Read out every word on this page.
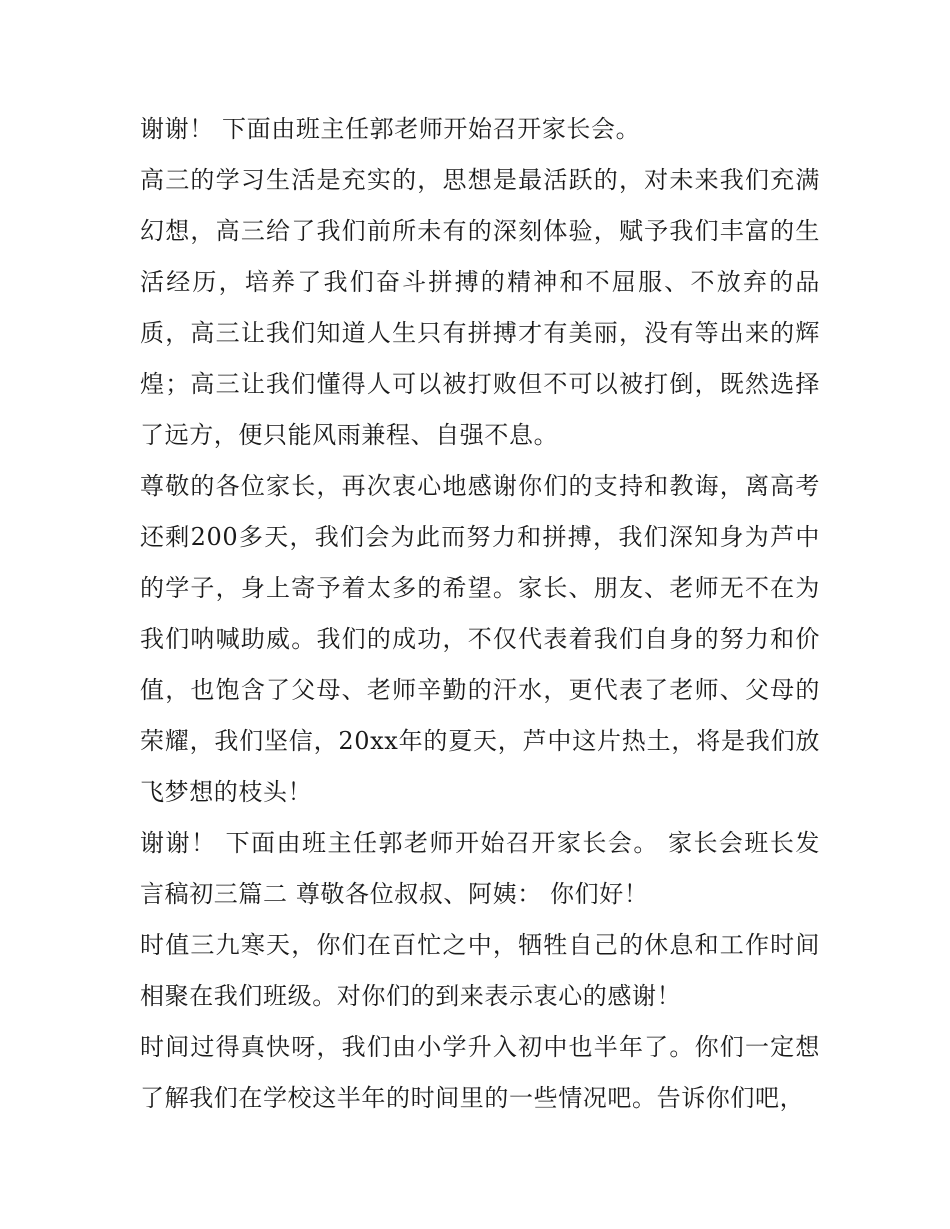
谢谢！ 下面由班主任郭老师开始召开家长会。

高三的学习生活是充实的，思想是最活跃的，对未来我们充满幻想，高三给了我们前所未有的深刻体验，赋予我们丰富的生活经历，培养了我们奋斗拼搏的精神和不屈服、不放弃的品质，高三让我们知道人生只有拼搏才有美丽，没有等出来的辉煌；高三让我们懂得人可以被打败但不可以被打倒，既然选择了远方，便只能风雨兼程、自强不息。

尊敬的各位家长，再次衷心地感谢你们的支持和教诲，离高考还剩200多天，我们会为此而努力和拼搏，我们深知身为芦中的学子，身上寄予着太多的希望。家长、朋友、老师无不在为我们呐喊助威。我们的成功，不仅代表着我们自身的努力和价值，也饱含了父母、老师辛勤的汗水，更代表了老师、父母的荣耀，我们坚信，20xx年的夏天，芦中这片热土，将是我们放飞梦想的枝头！

谢谢！ 下面由班主任郭老师开始召开家长会。 家长会班长发言稿初三篇二 尊敬各位叔叔、阿姨： 你们好！

时值三九寒天，你们在百忙之中，牺牲自己的休息和工作时间相聚在我们班级。对你们的到来表示衷心的感谢！

时间过得真快呀，我们由小学升入初中也半年了。你们一定想了解我们在学校这半年的时间里的一些情况吧。告诉你们吧，
